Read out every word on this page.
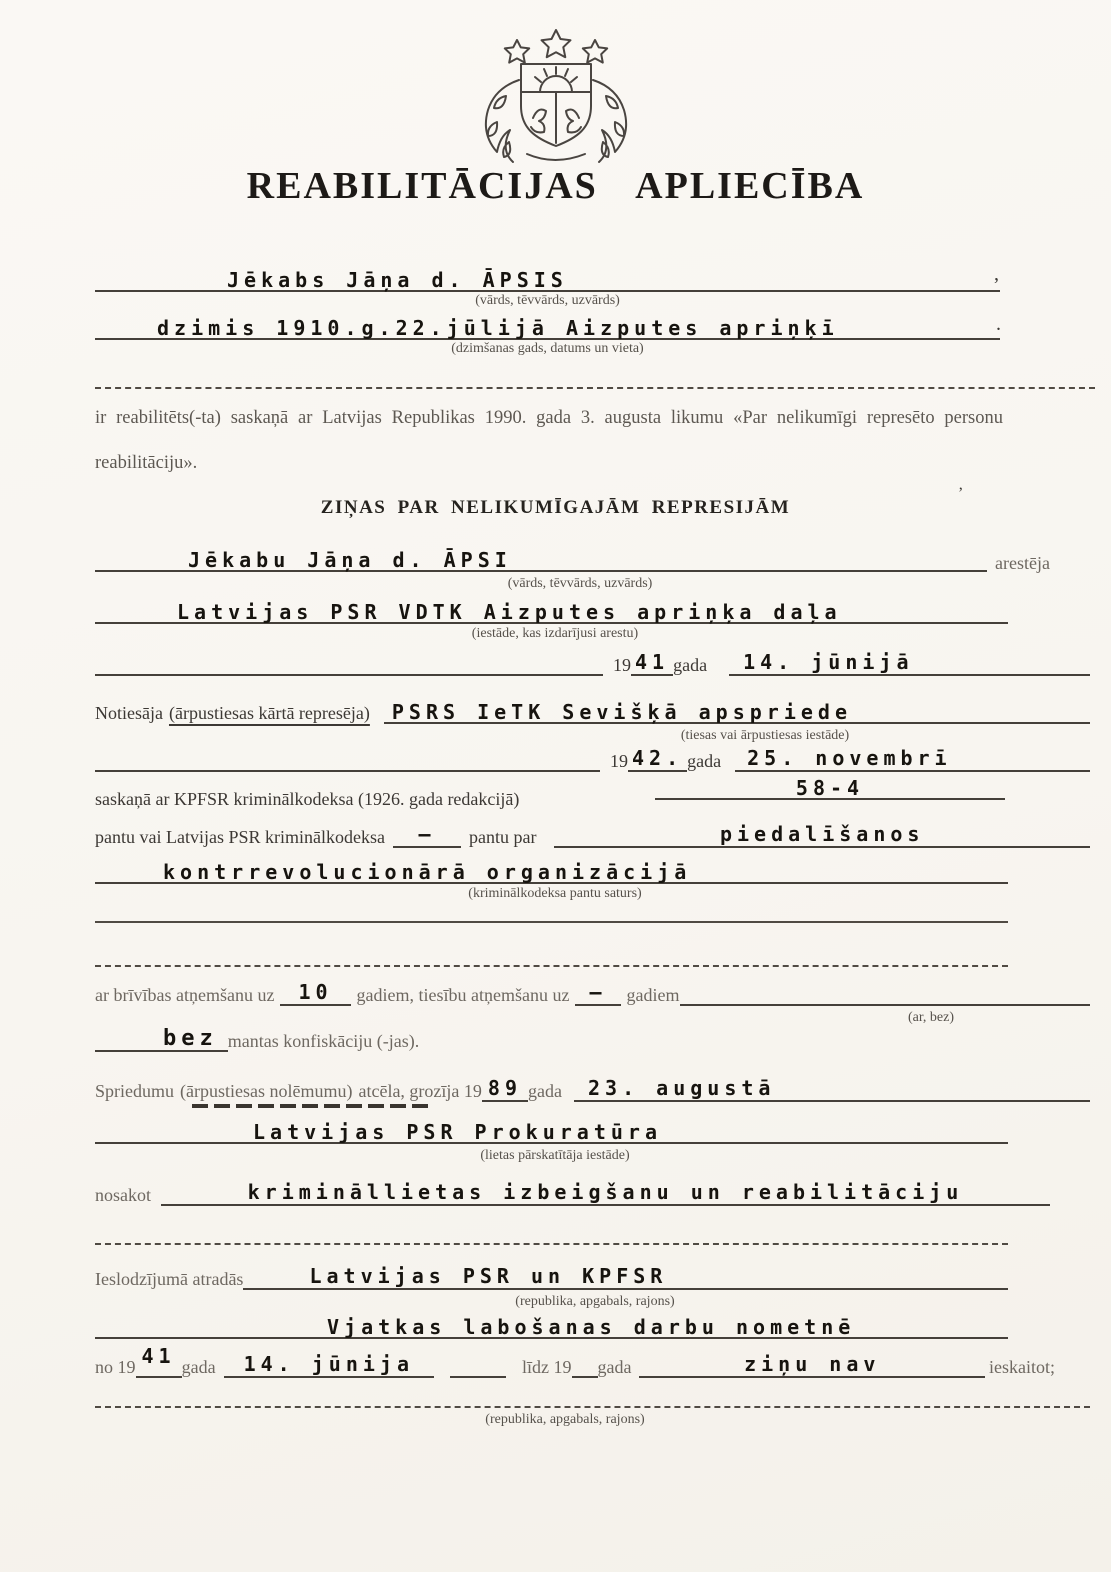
REABILITĀCIJAS APLIECĪBA
Jēkabs Jāņa d. ĀPSIS
(vārds, tēvvārds, uzvārds)
,
dzimis 1910.g.22.jūlijā Aizputes apriņķī
(dzimšanas gads, datums un vieta)
.
ir reabilitēts(-ta) saskaņā ar Latvijas Republikas 1990. gada 3. augusta likumu «Par nelikumīgi represēto personu reabilitāciju».
’
ZIŅAS PAR NELIKUMĪGAJĀM REPRESIJĀM
Jēkabu Jāņa d. ĀPSI	arestēja
(vārds, tēvvārds, uzvārds)
Latvijas PSR VDTK Aizputes apriņķa daļa
(iestāde, kas izdarījusi arestu)
19 41 gada	14. jūnijā
Notiesāja (ārpustiesas kārtā represēja)	PSRS IeTK Sevišķā apspriede
(tiesas vai ārpustiesas iestāde)
19 42. gada	25. novembrī
saskaņā ar KPFSR kriminālkodeksa (1926. gada redakcijā)	58-4
pantu vai Latvijas PSR kriminālkodeksa	—	pantu par	piedalīšanos
kontrrevolucionārā organizācijā
(kriminālkodeksa pantu saturs)
ar brīvības atņemšanu uz	10	gadiem, tiesību atņemšanu uz	—	gadiem
(ar, bez)
bez mantas konfiskāciju (-jas).
Spriedumu (ārpustiesas nolēmumu) atcēla, grozīja 19 89 gada	23. augustā
Latvijas PSR Prokuratūra
(lietas pārskatītāja iestāde)
nosakot	krimināllietas izbeigšanu un reabilitāciju
Ieslodzījumā atradās	Latvijas PSR un KPFSR
(republika, apgabals, rajons)
Vjatkas labošanas darbu nometnē
no 19 41 gada	14. jūnija	līdz 19 gada	ziņu nav	ieskaitot;
(republika, apgabals, rajons)
